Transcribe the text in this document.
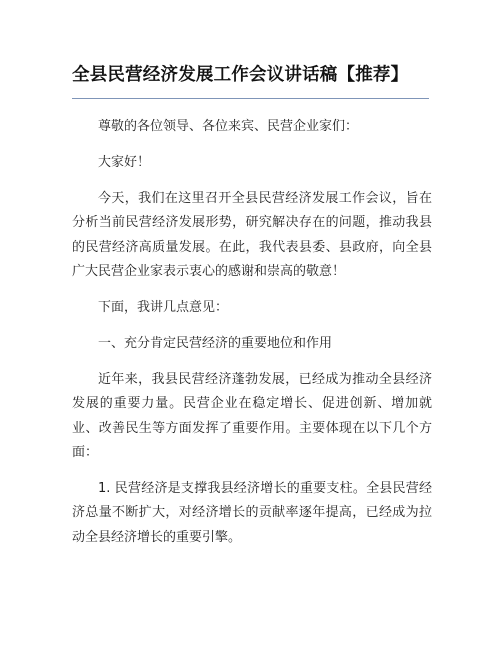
全县民营经济发展工作会议讲话稿【推荐】

尊敬的各位领导、各位来宾、民营企业家们：

大家好！

今天，我们在这里召开全县民营经济发展工作会议，旨在分析当前民营经济发展形势，研究解决存在的问题，推动我县的民营经济高质量发展。在此，我代表县委、县政府，向全县广大民营企业家表示衷心的感谢和崇高的敬意！

下面，我讲几点意见：

一、充分肯定民营经济的重要地位和作用

近年来，我县民营经济蓬勃发展，已经成为推动全县经济发展的重要力量。民营企业在稳定增长、促进创新、增加就业、改善民生等方面发挥了重要作用。主要体现在以下几个方面：

1. 民营经济是支撑我县经济增长的重要支柱。全县民营经济总量不断扩大，对经济增长的贡献率逐年提高，已经成为拉动全县经济增长的重要引擎。
